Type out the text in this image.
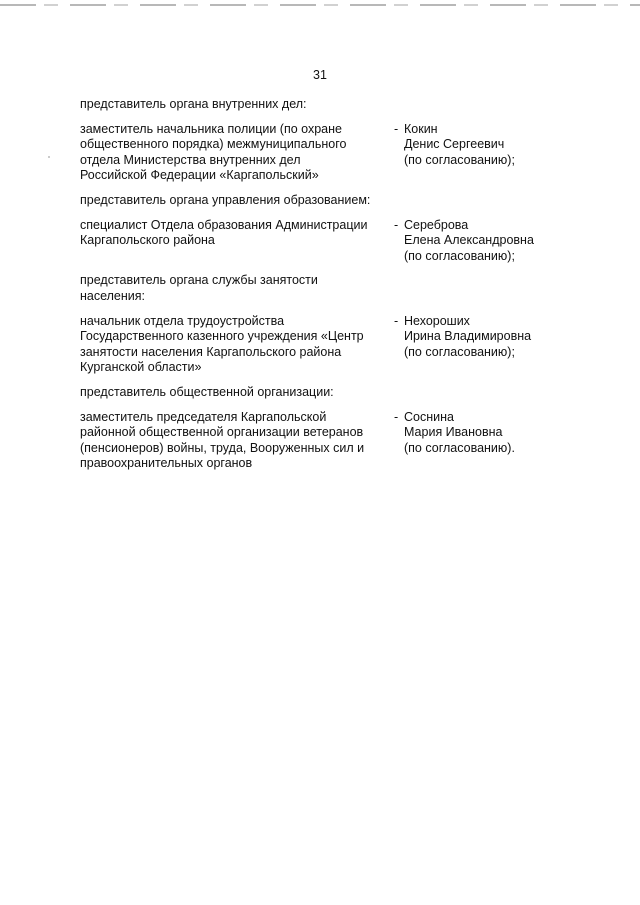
31
представитель органа внутренних дел:
заместитель начальника полиции (по охране
общественного порядка) межмуниципального
отдела Министерства внутренних дел
Российской Федерации «Каргапольский»
- Кокин
Денис Сергеевич
(по согласованию);
представитель органа управления образованием:
специалист Отдела образования Администрации
Каргапольского района
- Сереброва
Елена Александровна
(по согласованию);
представитель органа службы занятости
населения:
начальник отдела трудоустройства
Государственного казенного учреждения «Центр
занятости населения Каргапольского района
Курганской области»
- Нехороших
Ирина Владимировна
(по согласованию);
представитель общественной организации:
заместитель председателя Каргапольской
районной общественной организации ветеранов
(пенсионеров) войны, труда, Вооруженных сил и
правоохранительных органов
- Соснина
Мария Ивановна
(по согласованию).
